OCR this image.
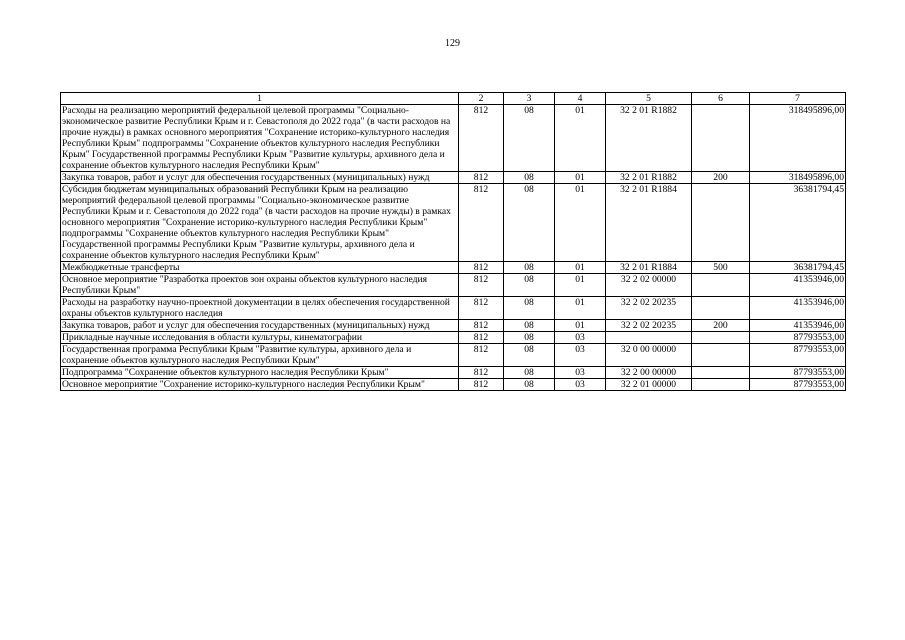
129
1	2	3	4	5	6	7
Расходы на реализацию мероприятий федеральной целевой программы "Социально-экономическое развитие Республики Крым и г. Севастополя до 2022 года" (в части расходов на прочие нужды) в рамках основного мероприятия "Сохранение историко-культурного наследия Республики Крым" подпрограммы "Сохранение объектов культурного наследия Республики Крым" Государственной программы Республики Крым "Развитие культуры, архивного дела и сохранение объектов культурного наследия Республики Крым"	812	08	01	32 2 01 R1882		318495896,00
Закупка товаров, работ и услуг для обеспечения государственных (муниципальных) нужд	812	08	01	32 2 01 R1882	200	318495896,00
Субсидия бюджетам муниципальных образований Республики Крым на реализацию мероприятий федеральной целевой программы "Социально-экономическое развитие Республики Крым и г. Севастополя до 2022 года" (в части расходов на прочие нужды) в рамках основного мероприятия "Сохранение историко-культурного наследия Республики Крым" подпрограммы "Сохранение объектов культурного наследия Республики Крым" Государственной программы Республики Крым "Развитие культуры, архивного дела и сохранение объектов культурного наследия Республики Крым"	812	08	01	32 2 01 R1884		36381794,45
Межбюджетные трансферты	812	08	01	32 2 01 R1884	500	36381794,45
Основное мероприятие "Разработка проектов зон охраны объектов культурного наследия Республики Крым"	812	08	01	32 2 02 00000		41353946,00
Расходы на разработку научно-проектной документации в целях обеспечения государственной охраны объектов культурного наследия	812	08	01	32 2 02 20235		41353946,00
Закупка товаров, работ и услуг для обеспечения государственных (муниципальных) нужд	812	08	01	32 2 02 20235	200	41353946,00
Прикладные научные исследования в области культуры, кинематографии	812	08	03			87793553,00
Государственная программа Республики Крым "Развитие культуры, архивного дела и сохранение объектов культурного наследия Республики Крым"	812	08	03	32 0 00 00000		87793553,00
Подпрограмма "Сохранение объектов культурного наследия Республики Крым"	812	08	03	32 2 00 00000		87793553,00
Основное мероприятие "Сохранение историко-культурного наследия Республики Крым"	812	08	03	32 2 01 00000		87793553,00
